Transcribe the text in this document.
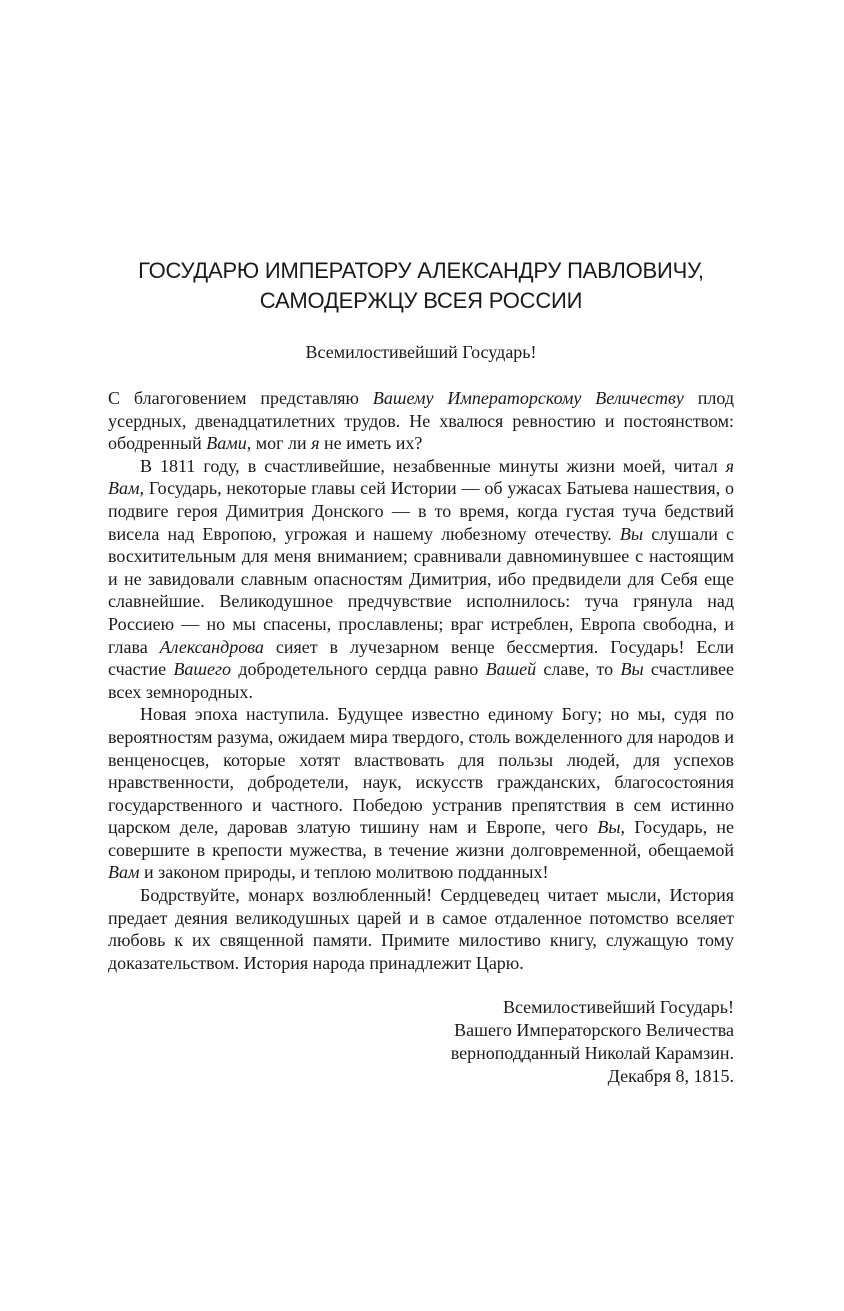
ГОСУДАРЮ ИМПЕРАТОРУ АЛЕКСАНДРУ ПАВЛОВИЧУ,
САМОДЕРЖЦУ ВСЕЯ РОССИИ
Всемилостивейший Государь!

С благоговением представляю Вашему Императорскому Величеству плод усердных, двенадцатилетних трудов. Не хвалюся ревностию и постоянством: ободренный Вами, мог ли я не иметь их?

В 1811 году, в счастливейшие, незабвенные минуты жизни моей, читал я Вам, Государь, некоторые главы сей Истории — об ужасах Батыева нашествия, о подвиге героя Димитрия Донского — в то время, когда густая туча бедствий висела над Европою, угрожая и нашему любезному отечеству. Вы слушали с восхитительным для меня вниманием; сравнивали давноминувшее с настоящим и не завидовали славным опасностям Димитрия, ибо предвидели для Себя еще славнейшие. Великодушное предчувствие исполнилось: туча грянула над Россиею — но мы спасены, прославлены; враг истреблен, Европа свободна, и глава Александрова сияет в лучезарном венце бессмертия. Государь! Если счастие Вашего добродетельного сердца равно Вашей славе, то Вы счастливее всех земнородных.

Новая эпоха наступила. Будущее известно единому Богу; но мы, судя по вероятностям разума, ожидаем мира твердого, столь вожделенного для народов и венценосцев, которые хотят властвовать для пользы людей, для успехов нравственности, добродетели, наук, искусств гражданских, благосостояния государственного и частного. Победою устранив препятствия в сем истинно царском деле, даровав златую тишину нам и Европе, чего Вы, Государь, не совершите в крепости мужества, в течение жизни долговременной, обещаемой Вам и законом природы, и теплою молитвою подданных!

Бодрствуйте, монарх возлюбленный! Сердцеведец читает мысли, История предает деяния великодушных царей и в самое отдаленное потомство вселяет любовь к их священной памяти. Примите милостиво книгу, служащую тому доказательством. История народа принадлежит Царю.

Всемилостивейший Государь!
Вашего Императорского Величества
верноподданный Николай Карамзин.
Декабря 8, 1815.
